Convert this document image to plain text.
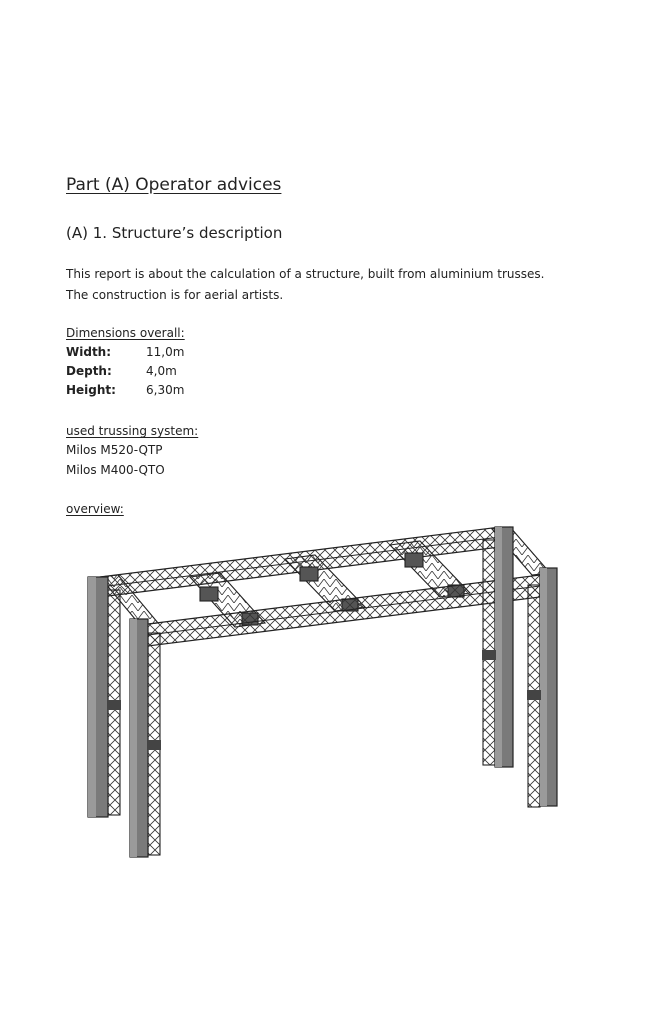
Part (A) Operator advices
(A) 1. Structure’s description
This report is about the calculation of a structure, built from aluminium trusses.
The construction is for aerial artists.
Dimensions overall:
Width:	11,0m
Depth:	4,0m
Height:	6,30m
used trussing system:
Milos M520-QTP
Milos M400-QTO
overview:
